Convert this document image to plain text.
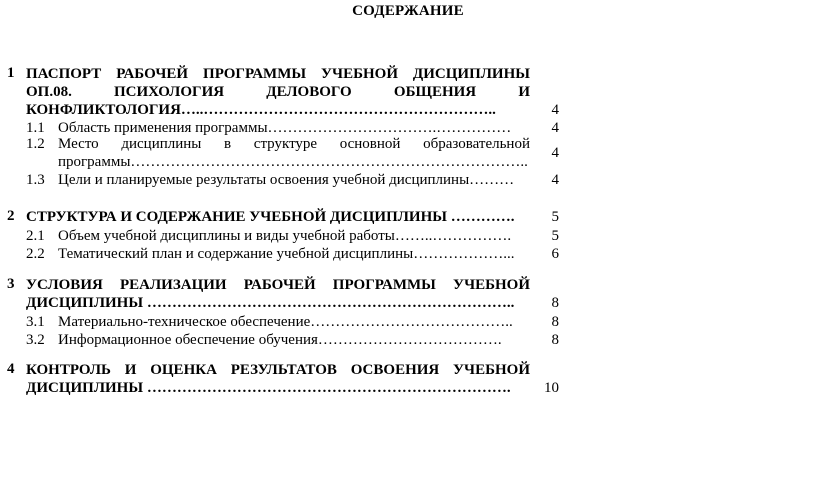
СОДЕРЖАНИЕ
1 ПАСПОРТ РАБОЧЕЙ ПРОГРАММЫ УЧЕБНОЙ ДИСЦИПЛИНЫ
ОП.08. ПСИХОЛОГИЯ ДЕЛОВОГО ОБЩЕНИЯ И
КОНФЛИКТОЛОГИЯ…..…………………………………………………..	4
1.1 Область применения программы…………………………….……………	4
1.2 Место дисциплины в структуре основной образовательной
программы……………………………………………………………………..
4
1.3 Цели и планируемые результаты освоения учебной дисциплины………	4
2 СТРУКТУРА И СОДЕРЖАНИЕ УЧЕБНОЙ ДИСЦИПЛИНЫ ………….	5
2.1 Объем учебной дисциплины и виды учебной работы……..…………….	5
2.2 Тематический план и содержание учебной дисциплины………………...	6
3 УСЛОВИЯ РЕАЛИЗАЦИИ РАБОЧЕЙ ПРОГРАММЫ УЧЕБНОЙ
ДИСЦИПЛИНЫ ………………………………………………………………..	8
3.1 Материально-техническое обеспечение…………………………………..	8
3.2 Информационное обеспечение обучения……………………………….	8
4 КОНТРОЛЬ И ОЦЕНКА РЕЗУЛЬТАТОВ ОСВОЕНИЯ УЧЕБНОЙ
ДИСЦИПЛИНЫ ……………………………………………………………….	10
